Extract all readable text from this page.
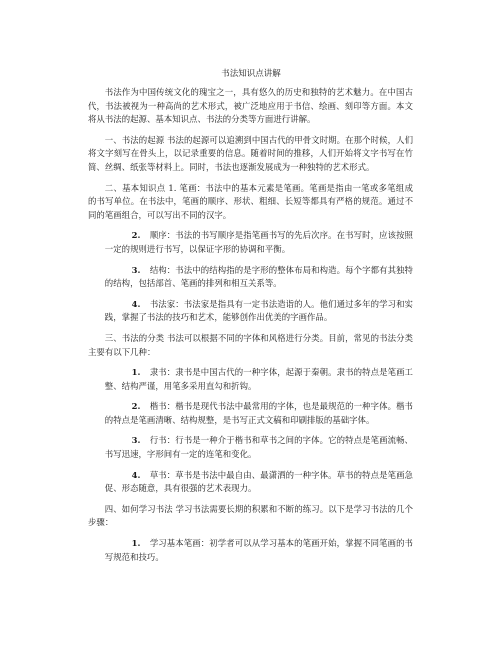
书法知识点讲解

书法作为中国传统文化的瑰宝之一，具有悠久的历史和独特的艺术魅力。在中国古代，书法被视为一种高尚的艺术形式，被广泛地应用于书信、绘画、刻印等方面。本文将从书法的起源、基本知识点、书法的分类等方面进行讲解。

一、书法的起源 书法的起源可以追溯到中国古代的甲骨文时期。在那个时候，人们将文字刻写在骨头上，以记录重要的信息。随着时间的推移，人们开始将文字书写在竹简、丝绸、纸张等材料上。同时，书法也逐渐发展成为一种独特的艺术形式。

二、基本知识点 1. 笔画：书法中的基本元素是笔画。笔画是指由一笔或多笔组成的书写单位。在书法中，笔画的顺序、形状、粗细、长短等都具有严格的规范。通过不同的笔画组合，可以写出不同的汉字。

2. 顺序：书法的书写顺序是指笔画书写的先后次序。在书写时，应该按照一定的规则进行书写，以保证字形的协调和平衡。

3. 结构：书法中的结构指的是字形的整体布局和构造。每个字都有其独特的结构，包括部首、笔画的排列和相互关系等。

4. 书法家：书法家是指具有一定书法造诣的人。他们通过多年的学习和实践，掌握了书法的技巧和艺术，能够创作出优美的字画作品。

三、书法的分类 书法可以根据不同的字体和风格进行分类。目前，常见的书法分类主要有以下几种：

1. 隶书：隶书是中国古代的一种字体，起源于秦朝。隶书的特点是笔画工整、结构严谨，用笔多采用直勾和折钩。

2. 楷书：楷书是现代书法中最常用的字体，也是最规范的一种字体。楷书的特点是笔画清晰、结构规整，是书写正式文稿和印刷排版的基础字体。

3. 行书：行书是一种介于楷书和草书之间的字体。它的特点是笔画流畅、书写迅速，字形间有一定的连笔和变化。

4. 草书：草书是书法中最自由、最潇洒的一种字体。草书的特点是笔画急促、形态随意，具有很强的艺术表现力。

四、如何学习书法 学习书法需要长期的积累和不断的练习。以下是学习书法的几个步骤：

1. 学习基本笔画：初学者可以从学习基本的笔画开始，掌握不同笔画的书写规范和技巧。
